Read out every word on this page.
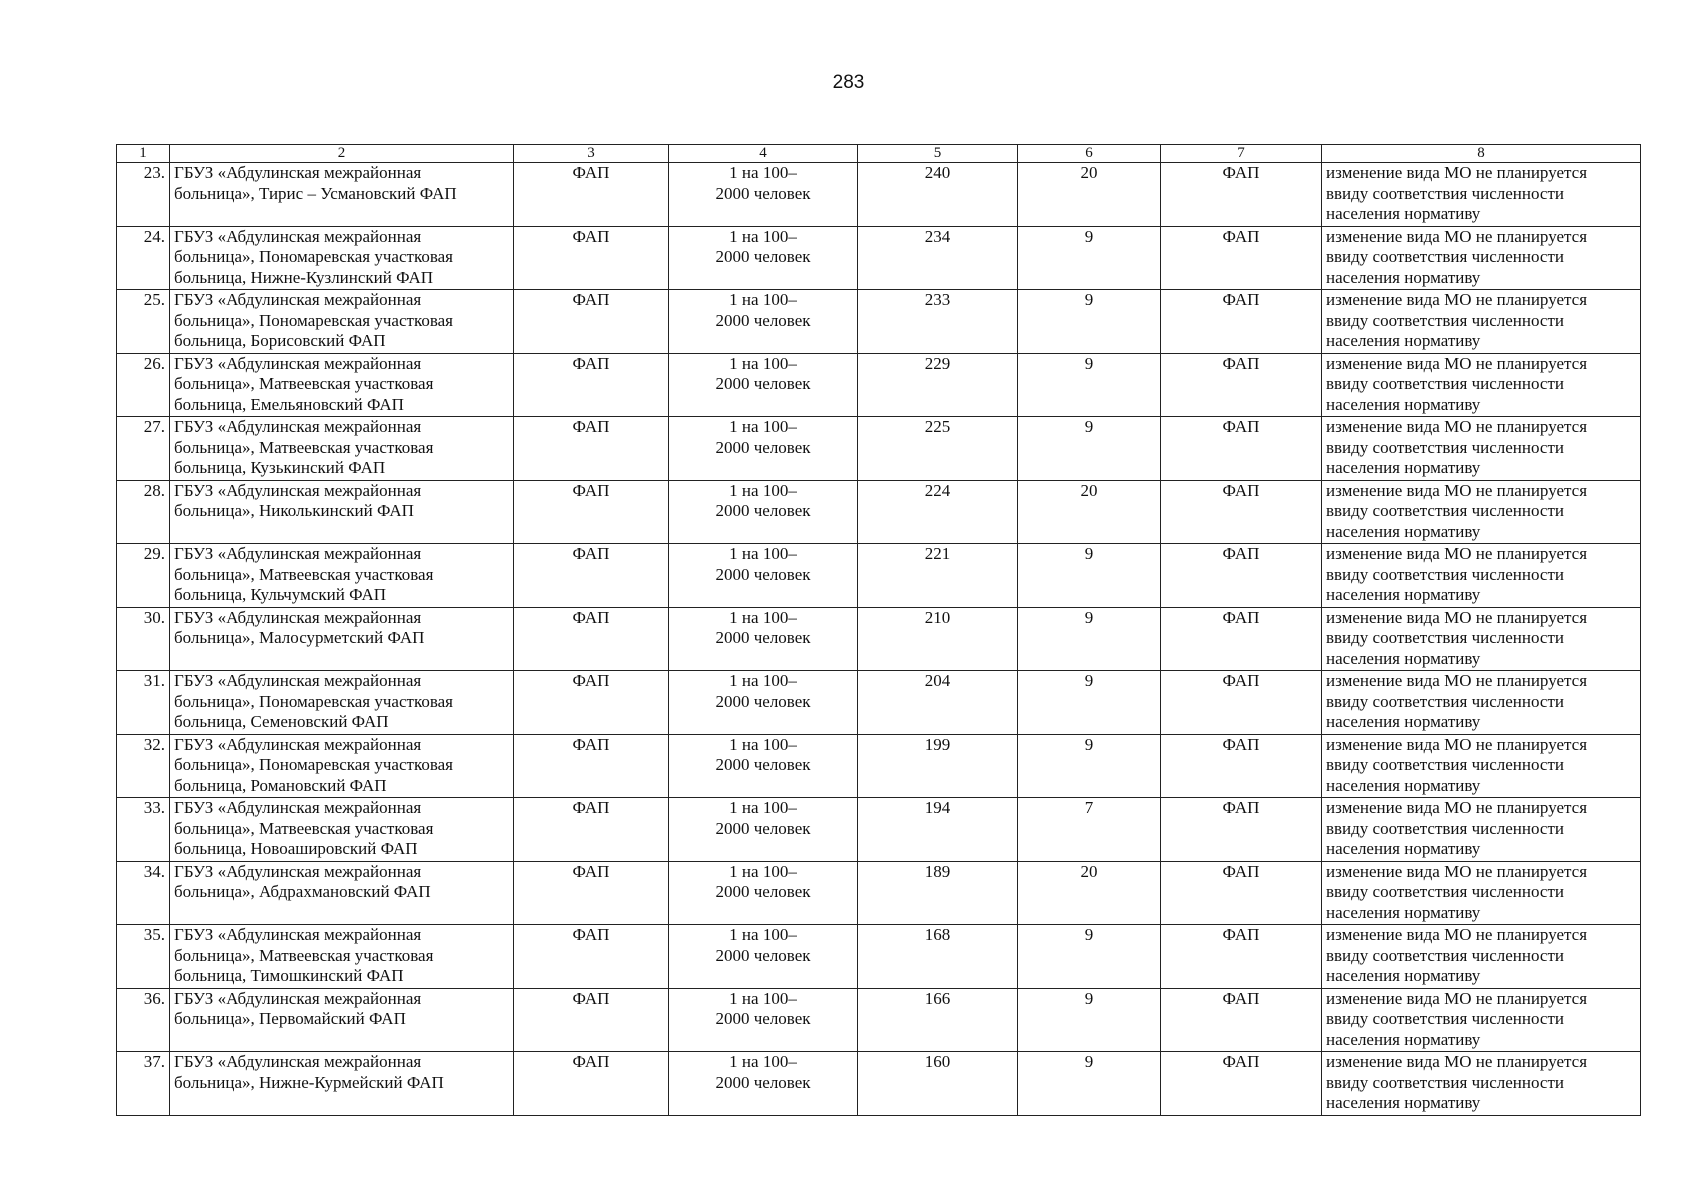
283
1	2	3	4	5	6	7	8
23.	ГБУЗ «Абдулинская межрайонная
больница», Тирис – Усмановский ФАП	ФАП	1 на 100–
2000 человек	240	20	ФАП	изменение вида МО не планируется
ввиду соответствия численности
населения нормативу

24.	ГБУЗ «Абдулинская межрайонная
больница», Пономаревская участковая
больница, Нижне-Кузлинский ФАП	ФАП	1 на 100–
2000 человек	234	9	ФАП	изменение вида МО не планируется
ввиду соответствия численности
населения нормативу

25.	ГБУЗ «Абдулинская межрайонная
больница», Пономаревская участковая
больница, Борисовский ФАП	ФАП	1 на 100–
2000 человек	233	9	ФАП	изменение вида МО не планируется
ввиду соответствия численности
населения нормативу

26.	ГБУЗ «Абдулинская межрайонная
больница», Матвеевская участковая
больница, Емельяновский ФАП	ФАП	1 на 100–
2000 человек	229	9	ФАП	изменение вида МО не планируется
ввиду соответствия численности
населения нормативу

27.	ГБУЗ «Абдулинская межрайонная
больница», Матвеевская участковая
больница, Кузькинский ФАП	ФАП	1 на 100–
2000 человек	225	9	ФАП	изменение вида МО не планируется
ввиду соответствия численности
населения нормативу

28.	ГБУЗ «Абдулинская межрайонная
больница», Николькинский ФАП	ФАП	1 на 100–
2000 человек	224	20	ФАП	изменение вида МО не планируется
ввиду соответствия численности
населения нормативу

29.	ГБУЗ «Абдулинская межрайонная
больница», Матвеевская участковая
больница, Кульчумский ФАП	ФАП	1 на 100–
2000 человек	221	9	ФАП	изменение вида МО не планируется
ввиду соответствия численности
населения нормативу

30.	ГБУЗ «Абдулинская межрайонная
больница», Малосурметский ФАП	ФАП	1 на 100–
2000 человек	210	9	ФАП	изменение вида МО не планируется
ввиду соответствия численности
населения нормативу

31.	ГБУЗ «Абдулинская межрайонная
больница», Пономаревская участковая
больница, Семеновский ФАП	ФАП	1 на 100–
2000 человек	204	9	ФАП	изменение вида МО не планируется
ввиду соответствия численности
населения нормативу

32.	ГБУЗ «Абдулинская межрайонная
больница», Пономаревская участковая
больница, Романовский ФАП	ФАП	1 на 100–
2000 человек	199	9	ФАП	изменение вида МО не планируется
ввиду соответствия численности
населения нормативу

33.	ГБУЗ «Абдулинская межрайонная
больница», Матвеевская участковая
больница, Новоашировский ФАП	ФАП	1 на 100–
2000 человек	194	7	ФАП	изменение вида МО не планируется
ввиду соответствия численности
населения нормативу

34.	ГБУЗ «Абдулинская межрайонная
больница», Абдрахмановский ФАП	ФАП	1 на 100–
2000 человек	189	20	ФАП	изменение вида МО не планируется
ввиду соответствия численности
населения нормативу

35.	ГБУЗ «Абдулинская межрайонная
больница», Матвеевская участковая
больница, Тимошкинский ФАП	ФАП	1 на 100–
2000 человек	168	9	ФАП	изменение вида МО не планируется
ввиду соответствия численности
населения нормативу

36.	ГБУЗ «Абдулинская межрайонная
больница», Первомайский ФАП	ФАП	1 на 100–
2000 человек	166	9	ФАП	изменение вида МО не планируется
ввиду соответствия численности
населения нормативу

37.	ГБУЗ «Абдулинская межрайонная
больница», Нижне-Курмейский ФАП	ФАП	1 на 100–
2000 человек	160	9	ФАП	изменение вида МО не планируется
ввиду соответствия численности
населения нормативу
